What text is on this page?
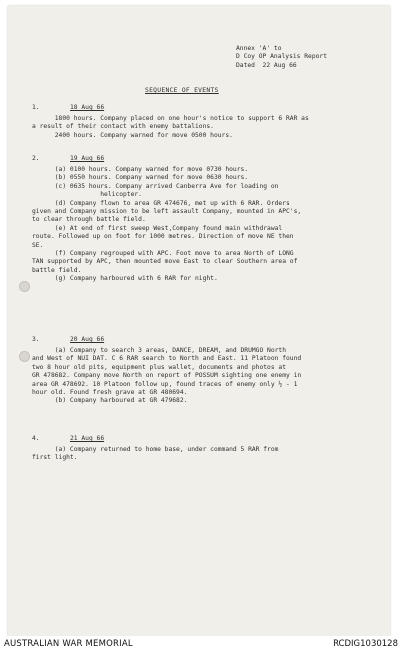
Annex 'A' to
D Coy OP Analysis Report
Dated  22 Aug 66
SEQUENCE OF EVENTS
1.	18 Aug 66
1800 hours. Company placed on one hour's notice to support 6 RAR as
a result of their contact with enemy battalions.
2400 hours. Company warned for move 0500 hours.
2.	19 Aug 66
(a) 0100 hours. Company warned for move 0730 hours.
(b) 0550 hours. Company warned for move 0630 hours.
(c) 0635 hours. Company arrived Canberra Ave for loading on
helicopter.
(d) Company flown to area GR 474676, met up with 6 RAR. Orders
given and Company mission to be left assault Company, mounted in APC's,
to clear through battle field.
(e) At end of first sweep West,Company found main withdrawal
route. Followed up on foot for 1000 metres. Direction of move NE then
SE.
(f) Company regrouped with APC. Foot move to area North of LONG
TAN supported by APC, then mounted move East to clear Southern area of
battle field.
(g) Company harboured with 6 RAR for night.
3.	20 Aug 66
(a) Company to search 3 areas, DANCE, DREAM, and DRUMGO North
and West of NUI DAT. C 6 RAR search to North and East. 11 Platoon found
two 8 hour old pits, equipment plus wallet, documents and photos at
GR 478682. Company move North on report of POSSUM sighting one enemy in
area GR 478692. 10 Platoon follow up, found traces of enemy only ½ - 1
hour old. Found fresh grave at GR 480694.
(b) Company harboured at GR 479682.
4.	21 Aug 66
(a) Company returned to home base, under command 5 RAR from
first light.
AUSTRALIAN WAR MEMORIAL	RCDIG1030128
